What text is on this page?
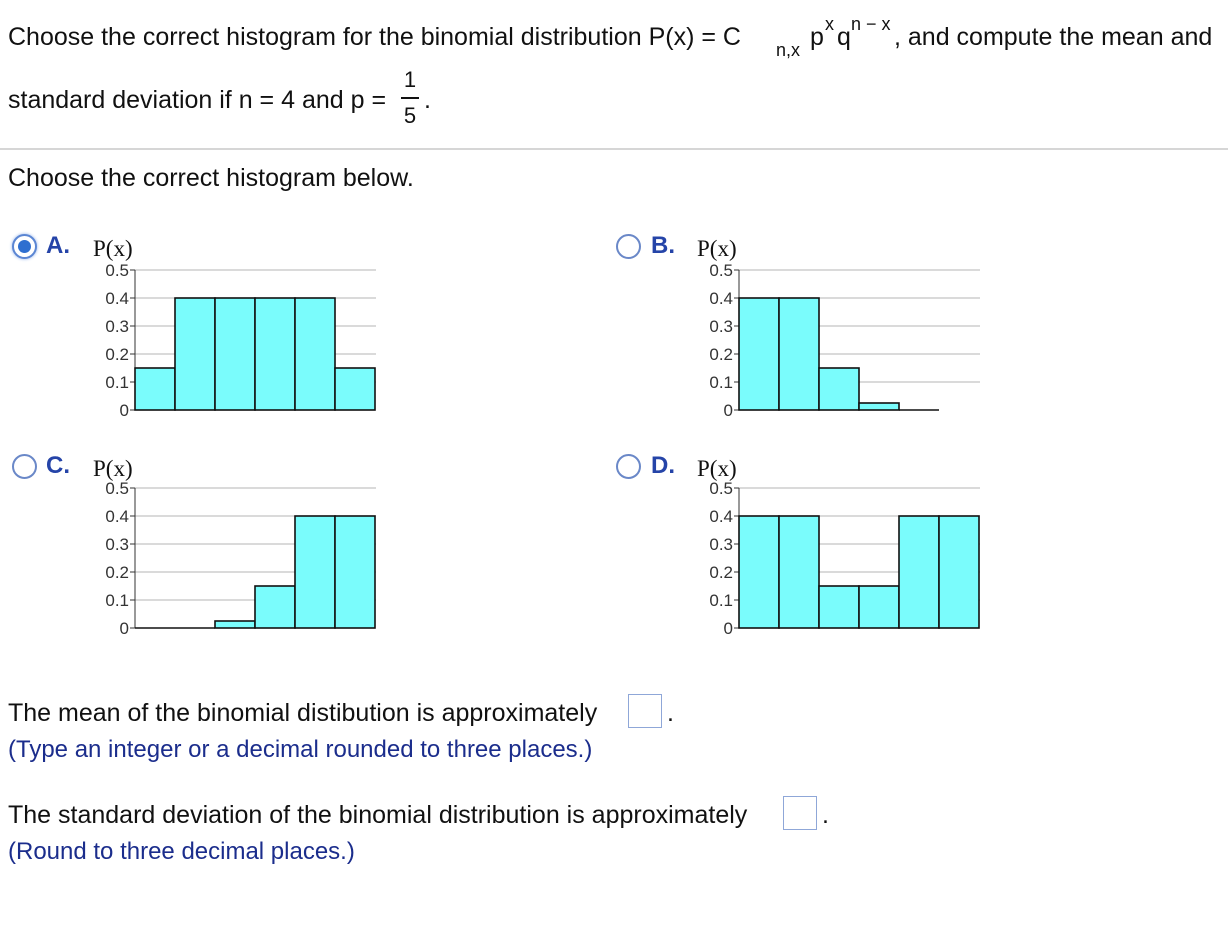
Choose the correct histogram for the binomial distribution P(x) = C n,x p x q n − x , and compute the mean and
standard deviation if n = 4 and p =
1
5
.
Choose the correct histogram below.
A. P(x)
0.5
0.4
0.3
0.2
0.1
0
B. P(x)
0.5
0.4
0.3
0.2
0.1
0
C. P(x)
0.5
0.4
0.3
0.2
0.1
0
D. P(x)
0.5
0.4
0.3
0.2
0.1
0
The mean of the binomial distibution is approximately	.
(Type an integer or a decimal rounded to three places.)
The standard deviation of the binomial distribution is approximately	.
(Round to three decimal places.)
